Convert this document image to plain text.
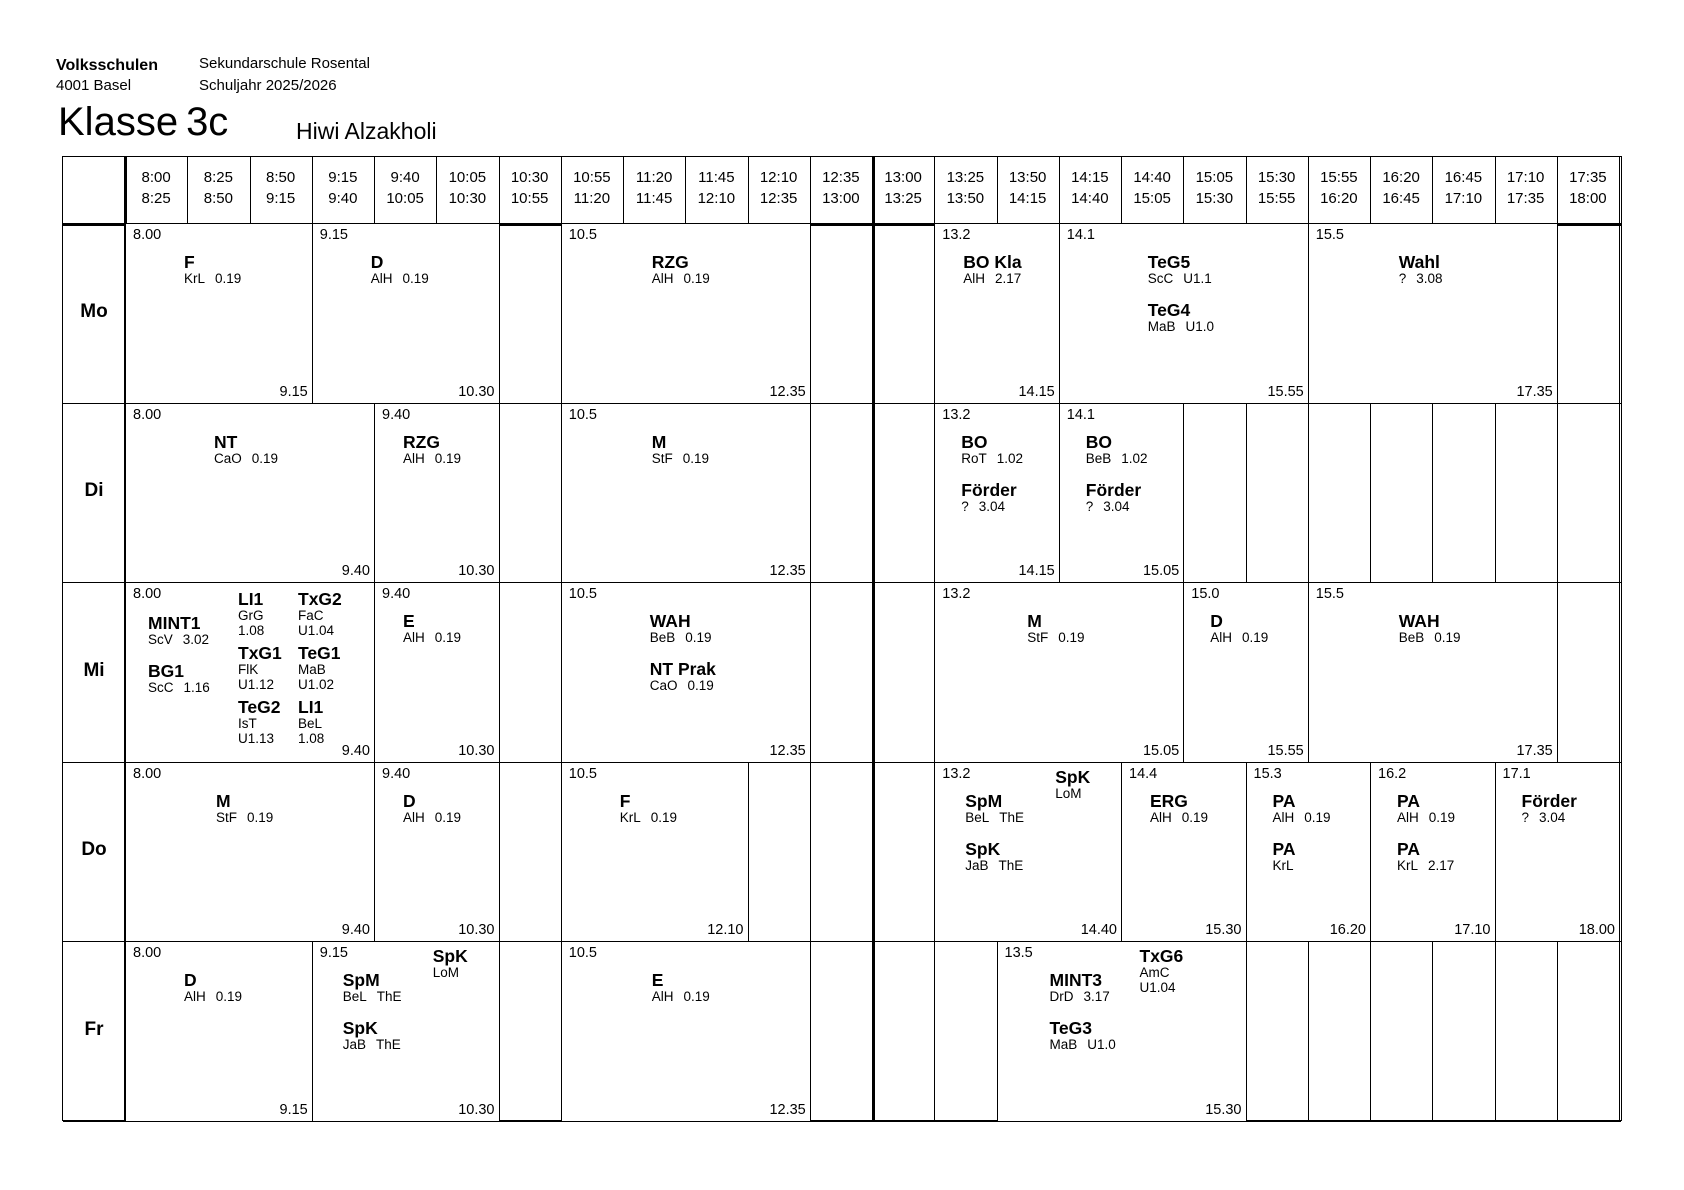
Volksschulen
4001 Basel
Sekundarschule Rosental
Schuljahr 2025/2026
Klasse 3c	Hiwi Alzakholi
8:00
8:25
8:25
8:50
8:50
9:15
9:15
9:40
9:40
10:05
10:05
10:30
10:30
10:55
10:55
11:20
11:20
11:45
11:45
12:10
12:10
12:35
12:35
13:00
13:00
13:25
13:25
13:50
13:50
14:15
14:15
14:40
14:40
15:05
15:05
15:30
15:30
15:55
15:55
16:20
16:20
16:45
16:45
17:10
17:10
17:35
17:35
18:00
Mo
Di
Mi
Do
Fr
8.00
9.15
F
KrL 0.19
9.15
10.30
D
AlH 0.19
10.5
12.35
RZG
AlH 0.19
13.2
14.15
BO Kla
AlH 2.17
14.1
15.55
TeG5
ScC U1.1
TeG4
MaB U1.0
15.5
17.35
Wahl
? 3.08
8.00
9.40
NT
CaO 0.19
9.40
10.30
RZG
AlH 0.19
10.5
12.35
M
StF 0.19
13.2
14.15
BO
RoT 1.02
Förder
? 3.04
14.1
15.05
BO
BeB 1.02
Förder
? 3.04
8.00
9.40
MINT1
ScV 3.02
BG1
ScC 1.16
LI1
GrG
1.08
TxG2
FaC
U1.04
TxG1
FlK
U1.12
TeG1
MaB
U1.02
TeG2
IsT
U1.13
LI1
BeL
1.08
9.40
10.30
E
AlH 0.19
10.5
12.35
WAH
BeB 0.19
NT Prak
CaO 0.19
13.2
15.05
M
StF 0.19
15.0
15.55
D
AlH 0.19
15.5
17.35
WAH
BeB 0.19
8.00
9.40
M
StF 0.19
9.40
10.30
D
AlH 0.19
10.5
12.10
F
KrL 0.19
13.2
14.40
SpM
BeL ThE
SpK
JaB ThE
SpK
LoM
14.4
15.30
ERG
AlH 0.19
15.3
16.20
PA
AlH 0.19
PA
KrL
16.2
17.10
PA
AlH 0.19
PA
KrL 2.17
17.1
18.00
Förder
? 3.04
8.00
9.15
D
AlH 0.19
9.15
10.30
SpM
BeL ThE
SpK
JaB ThE
SpK
LoM
10.5
12.35
E
AlH 0.19
13.5
15.30
MINT3
DrD 3.17
TeG3
MaB U1.0
TxG6
AmC
U1.04
